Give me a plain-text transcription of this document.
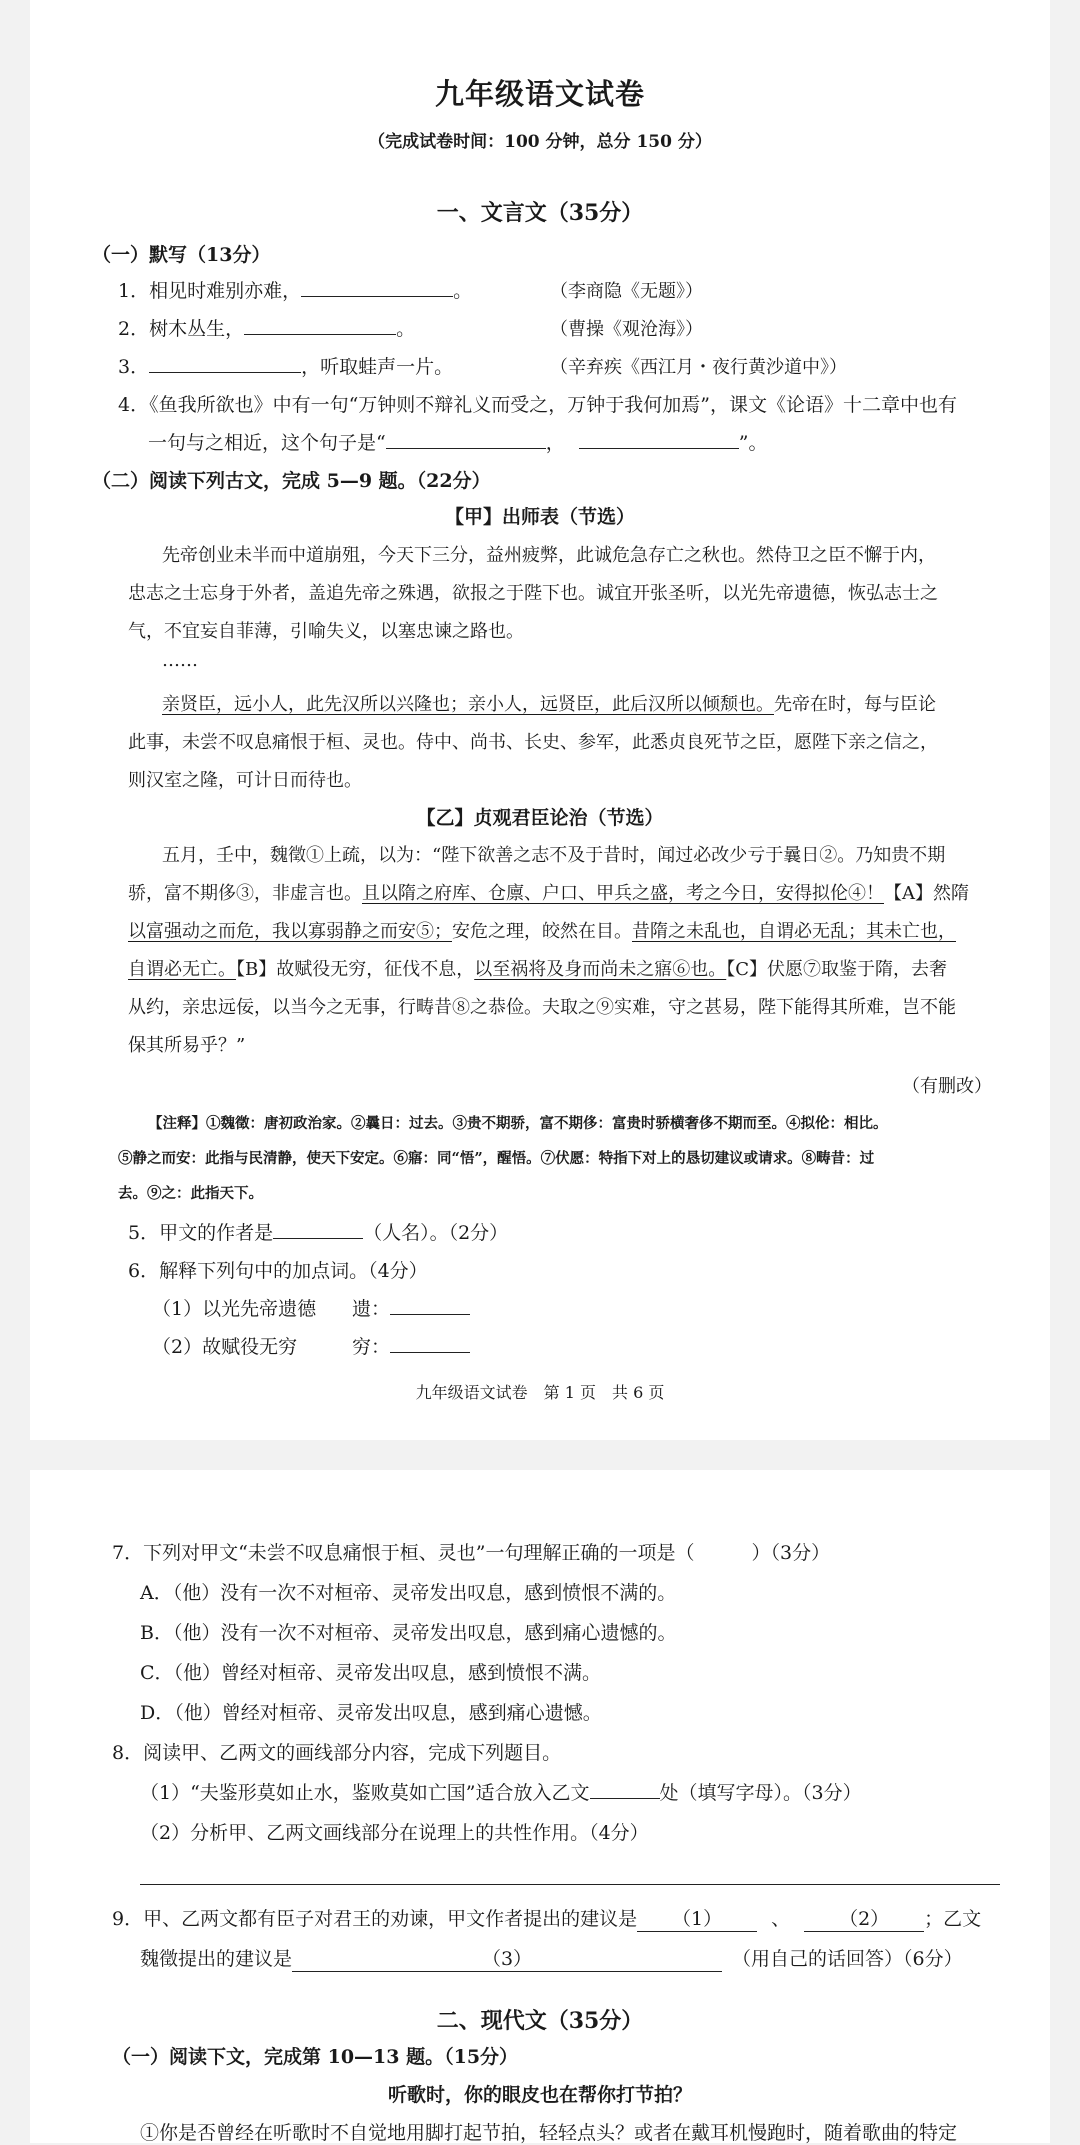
九年级语文试卷
（完成试卷时间：100 分钟，总分 150 分）
一、文言文（35分）
（一）默写（13分）
1．相见时难别亦难，	。	（李商隐《无题》）
2．树木丛生，	。	（曹操《观沧海》）
3．	，听取蛙声一片。	（辛弃疾《西江月・夜行黄沙道中》）
4．《鱼我所欲也》中有一句“万钟则不辩礼义而受之，万钟于我何加焉”，课文《论语》十二章中也有
一句与之相近，这个句子是“	，	”。
（二）阅读下列古文，完成 5—9 题。（22分）
【甲】出师表（节选）
先帝创业未半而中道崩殂，今天下三分，益州疲弊，此诚危急存亡之秋也。然侍卫之臣不懈于内，
忠志之士忘身于外者，盖追先帝之殊遇，欲报之于陛下也。诚宜开张圣听，以光先帝遗德，恢弘志士之
气，不宜妄自菲薄，引喻失义，以塞忠谏之路也。
……
亲贤臣，远小人，此先汉所以兴隆也；亲小人，远贤臣，此后汉所以倾颓也。先帝在时，每与臣论
此事，未尝不叹息痛恨于桓、灵也。侍中、尚书、长史、参军，此悉贞良死节之臣，愿陛下亲之信之，
则汉室之隆，可计日而待也。
【乙】贞观君臣论治（节选）
五月，壬中，魏徵①上疏，以为：“陛下欲善之志不及于昔时，闻过必改少亏于曩日②。乃知贵不期
骄，富不期侈③，非虚言也。且以隋之府库、仓廪、户口、甲兵之盛，考之今日，安得拟伦④！【A】然隋
以富强动之而危，我以寡弱静之而安⑤；安危之理，皎然在目。昔隋之未乱也，自谓必无乱；其未亡也，
自谓必无亡。【B】故赋役无穷，征伐不息，以至祸将及身而尚未之寤⑥也。【C】伏愿⑦取鉴于隋，去奢
从约，亲忠远佞，以当今之无事，行畴昔⑧之恭俭。夫取之⑨实难，守之甚易，陛下能得其所难，岂不能
保其所易乎？”
（有删改）
【注释】①魏徵：唐初政治家。②曩日：过去。③贵不期骄，富不期侈：富贵时骄横奢侈不期而至。④拟伦：相比。
⑤静之而安：此指与民清静，使天下安定。⑥寤：同“悟”，醒悟。⑦伏愿：特指下对上的恳切建议或请求。⑧畴昔：过
去。⑨之：此指天下。
5．甲文的作者是	（人名）。（2分）
6．解释下列句中的加点词。（4分）
（1）以光先帝遗德 遗：
（2）故赋役无穷	穷：
九年级语文试卷　第 1 页　共 6 页
7．下列对甲文“未尝不叹息痛恨于桓、灵也”一句理解正确的一项是（　　　）（3分）
A．（他）没有一次不对桓帝、灵帝发出叹息，感到愤恨不满的。
B．（他）没有一次不对桓帝、灵帝发出叹息，感到痛心遗憾的。
C．（他）曾经对桓帝、灵帝发出叹息，感到愤恨不满。
D．（他）曾经对桓帝、灵帝发出叹息，感到痛心遗憾。
8．阅读甲、乙两文的画线部分内容，完成下列题目。
（1）“夫鉴形莫如止水，鉴败莫如亡国”适合放入乙文	处（填写字母）。（3分）
（2）分析甲、乙两文画线部分在说理上的共性作用。（4分）
9．甲、乙两文都有臣子对君王的劝谏，甲文作者提出的建议是 （1）	、	（2） ；乙文
魏徵提出的建议是	（3）	（用自己的话回答）（6分）
二、现代文（35分）
（一）阅读下文，完成第 10—13 题。（15分）
听歌时，你的眼皮也在帮你打节拍？
①你是否曾经在听歌时不自觉地用脚打起节拍，轻轻点头？或者在戴耳机慢跑时，随着歌曲的特定
